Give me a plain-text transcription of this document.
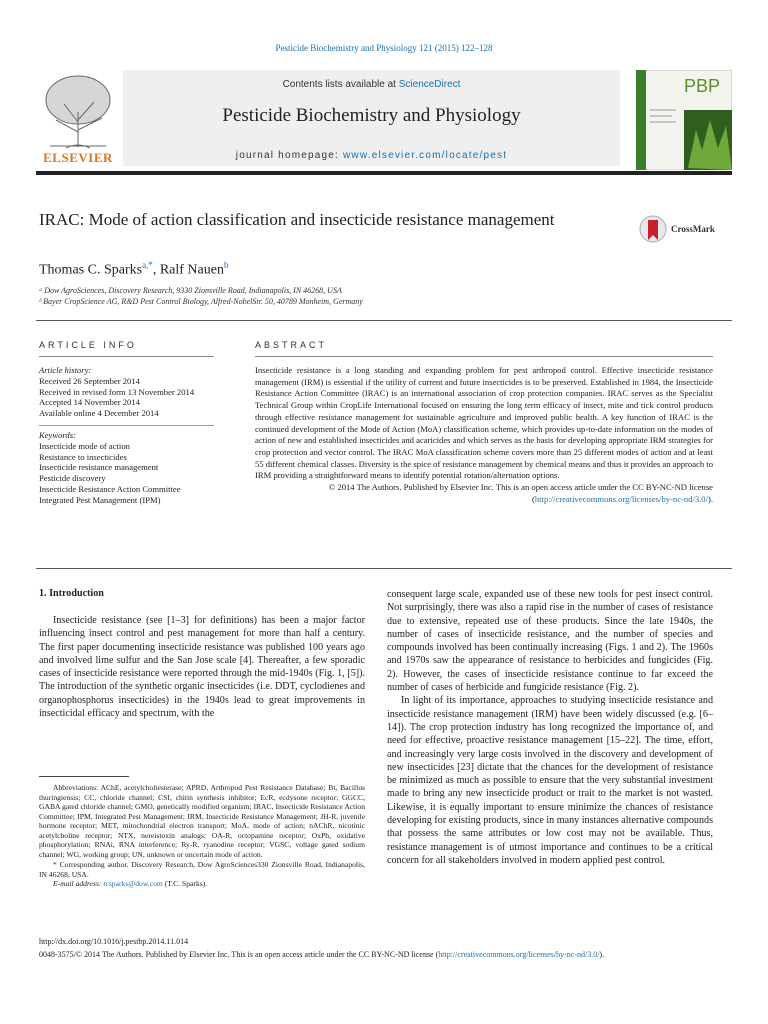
Pesticide Biochemistry and Physiology 121 (2015) 122–128
ELSEVIER
Contents lists available at ScienceDirect
Pesticide Biochemistry and Physiology
journal homepage: www.elsevier.com/locate/pest
PBP
IRAC: Mode of action classification and insecticide resistance management	CrossMark
Thomas C. Sparks$^{a,*}$, Ralf Nauen$^b$
ᵃ Dow AgroSciences, Discovery Research, 9330 Zionsville Road, Indianapolis, IN 46268, USA
ᵇ Bayer CropScience AG, R&D Pest Control Biology, Alfred-NobelStr. 50, 40789 Monheim, Germany
ARTICLE INFO	ABSTRACT
Article history:
Received 26 September 2014
Received in revised form 13 November 2014
Accepted 14 November 2014
Available online 4 December 2014
Keywords:
Insecticide mode of action
Resistance to insecticides
Insecticide resistance management
Pesticide discovery
Insecticide Resistance Action Committee
Integrated Pest Management (IPM)
Insecticide resistance is a long standing and expanding problem for pest arthropod control. Effective insecticide resistance management (IRM) is essential if the utility of current and future insecticides is to be preserved. Established in 1984, the Insecticide Resistance Action Committee (IRAC) is an international association of crop protection companies. IRAC serves as the Specialist Technical Group within CropLife International focused on ensuring the long term efficacy of insect, mite and tick control products through effective resistance management for sustainable agriculture and improved public health. A key function of IRAC is the continued development of the Mode of Action (MoA) classification scheme, which provides up-to-date information on the modes of action of new and established insecticides and acaricides and which serves as the basis for developing appropriate IRM strategies for crop protection and vector control. The IRAC MoA classification scheme covers more than 25 different modes of action and at least 55 different chemical classes. Diversity is the spice of resistance management by chemical means and thus it provides an approach to IRM providing a straightforward means to identify potential rotation/alternation options.
© 2014 The Authors. Published by Elsevier Inc. This is an open access article under the CC BY-NC-ND license (http://creativecommons.org/licenses/by-nc-nd/3.0/).
1. Introduction

Insecticide resistance (see [1–3] for definitions) has been a major factor influencing insect control and pest management for more than half a century. The first paper documenting insecticide resistance was published 100 years ago and involved lime sulfur and the San Jose scale [4]. Thereafter, a few sporadic cases of insecticide resistance were reported through the mid-1940s (Fig. 1, [5]). The introduction of the synthetic organic insecticides (i.e. DDT, cyclodienes and organophosphorus insecticides) in the 1940s lead to great improvements in insecticidal efficacy and spectrum, with the

Abbreviations: AChE, acetylcholiesterase; APRD, Arthropod Pest Resistance Database; Bt, Bacillus thuringiensis; CC, chloride channel; CSI, chitin synthesis inhibitor; EcR, ecdysone receptor; GGCC, GABA gated chloride channel; GMO, genetically modified organism; IRAC, Insecticide Resistance Action Committee; IPM, Integrated Pest Management; IRM, Insecticide Resistance Management; JH-R, juvenile hormone receptor; MET, mitochondrial electron transport; MoA, mode of action; nAChR, nicotinic acetylcholine receptor; NTX, nereistoxin analogs; OA-R, octopamine receptor; OxPh, oxidative phosphorylation; RNAi, RNA interference; Ry-R, ryanodine receptor; VGSC, voltage gated sodium channel; WG, working group; UN, unknown or uncertain mode of action.
* Corresponding author. Discovery Research, Dow AgroSciences330 Zionsville Road, Indianapolis, IN 46268, USA.
E-mail address: tcsparks@dow.com (T.C. Sparks).

consequent large scale, expanded use of these new tools for pest insect control. Not surprisingly, there was also a rapid rise in the number of cases of resistance due to extensive, repeated use of these products. Since the late 1940s, the number of cases of insecticide resistance, and the number of species and compounds involved has been continually increasing (Figs. 1 and 2). The 1960s and 1970s saw the appearance of resistance to herbicides and fungicides (Fig. 2). However, the cases of insecticide resistance continue to far exceed the number of cases of herbicide and fungicide resistance (Fig. 2).

In light of its importance, approaches to studying insecticide resistance and insecticide resistance management (IRM) have been widely discussed (e.g. [6–14]). The crop protection industry has long recognized the importance of, and need for effective, proactive resistance management [15–22]. The time, effort, and increasingly very large costs involved in the discovery and development of new insecticides [23] dictate that the chances for the development of resistance be minimized as much as possible to ensure that the very substantial investment made to bring any new insecticide product or trait to the market is not wasted. Likewise, it is equally important to ensure minimize the chances of resistance developing for existing products, since in many instances alternative compounds that possess the same attributes or low cost may not be available. Thus, resistance management is of utmost importance and continues to be a critical concern for all stakeholders involved in modern applied pest control.

http://dx.doi.org/10.1016/j.pestbp.2014.11.014
0048-3575/© 2014 The Authors. Published by Elsevier Inc. This is an open access article under the CC BY-NC-ND license (http://creativecommons.org/licenses/by-nc-nd/3.0/).
